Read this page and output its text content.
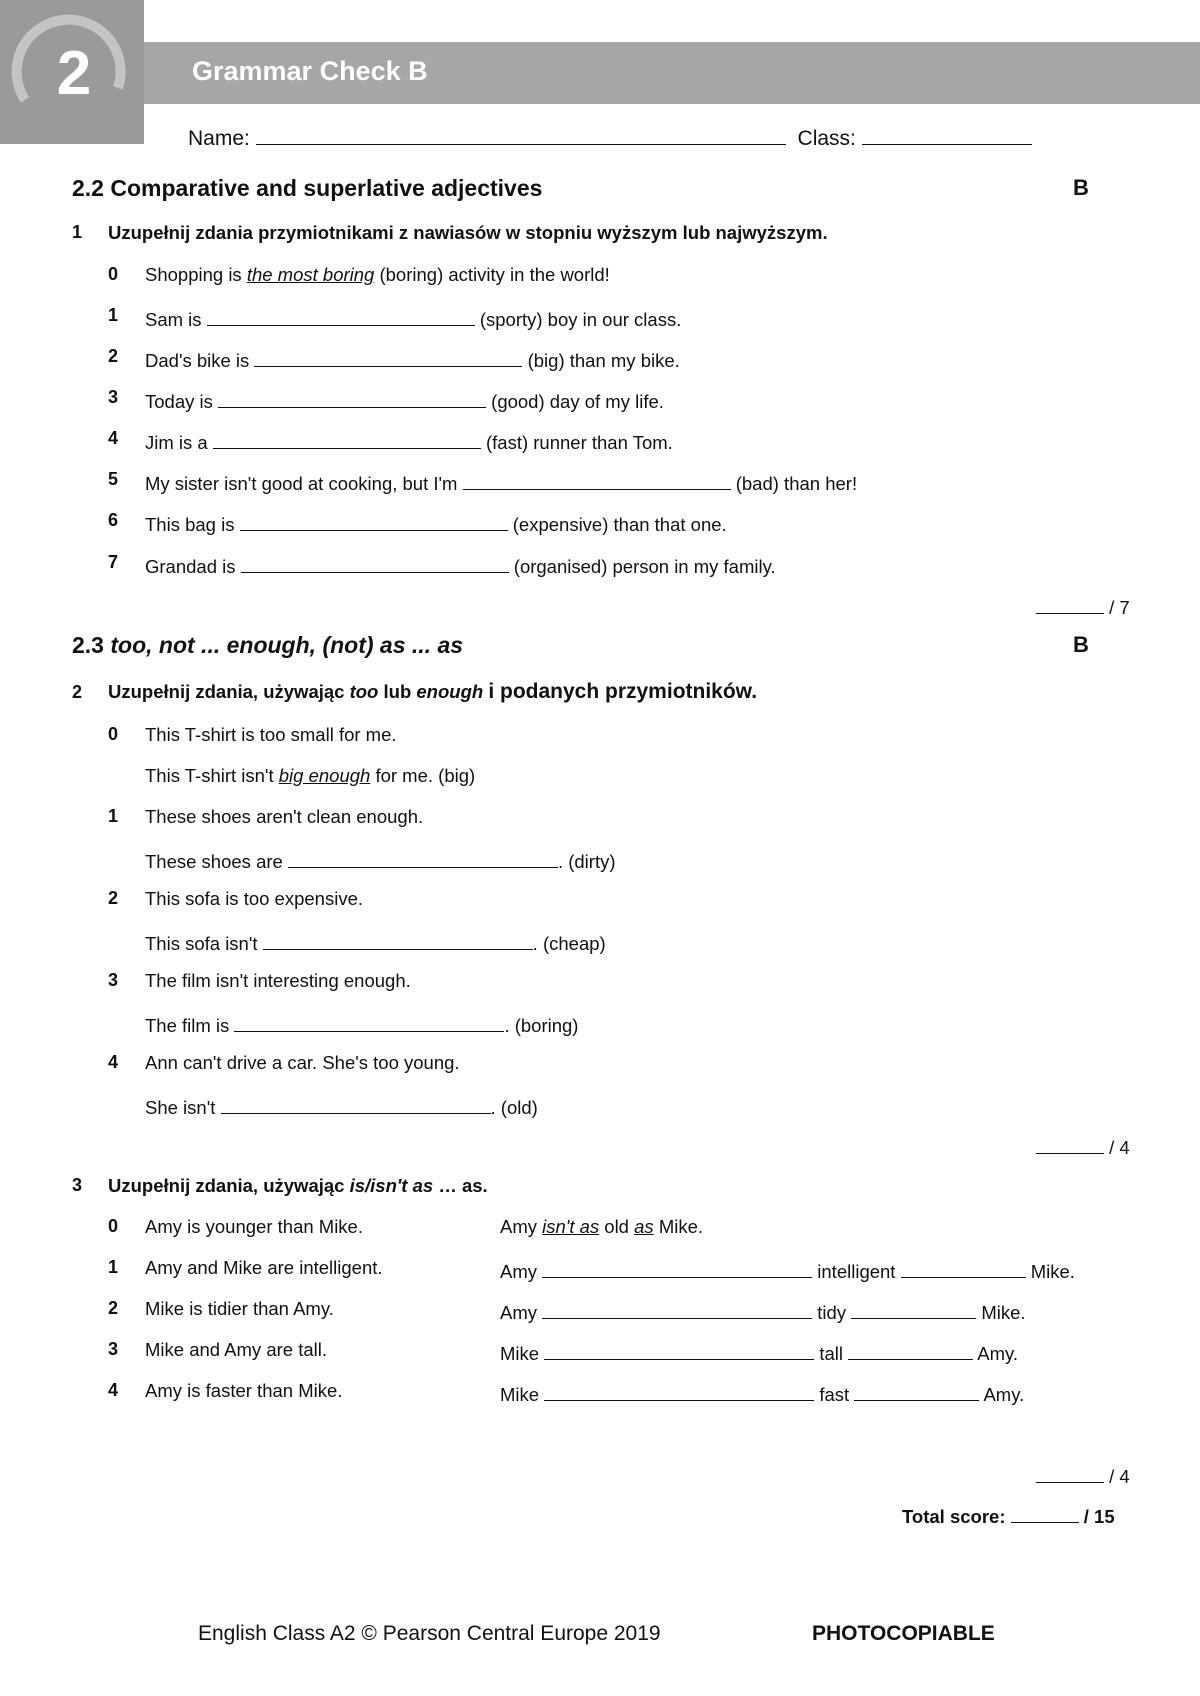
2	Grammar Check B
Name:	Class:
2.2 Comparative and superlative adjectives	B
1 Uzupełnij zdania przymiotnikami z nawiasów w stopniu wyższym lub najwyższym.
0 Shopping is the most boring (boring) activity in the world!
1 Sam is	(sporty) boy in our class.
2 Dad's bike is	(big) than my bike.
3 Today is	(good) day of my life.
4 Jim is a	(fast) runner than Tom.
5 My sister isn't good at cooking, but I'm	(bad) than her!
6 This bag is	(expensive) than that one.
7 Grandad is	(organised) person in my family.
/ 7
2.3 too, not ... enough, (not) as ... as	B
2 Uzupełnij zdania, używając too lub enough i podanych przymiotników.
0 This T-shirt is too small for me.
This T-shirt isn't big enough for me. (big)
1 These shoes aren't clean enough.
These shoes are	. (dirty)
2 This sofa is too expensive.
This sofa isn't	. (cheap)
3 The film isn't interesting enough.
The film is	. (boring)
4 Ann can't drive a car. She's too young.
She isn't	. (old)
/ 4
3 Uzupełnij zdania, używając is/isn't as … as.
0 Amy is younger than Mike.	Amy isn't as old as Mike.
1 Amy and Mike are intelligent.	Amy	intelligent	Mike.
2 Mike is tidier than Amy.	Amy	tidy	Mike.
3 Mike and Amy are tall.	Mike	tall	Amy.
4 Amy is faster than Mike.	Mike	fast	Amy.
/ 4
Total score:	/ 15
English Class A2 © Pearson Central Europe 2019	PHOTOCOPIABLE
